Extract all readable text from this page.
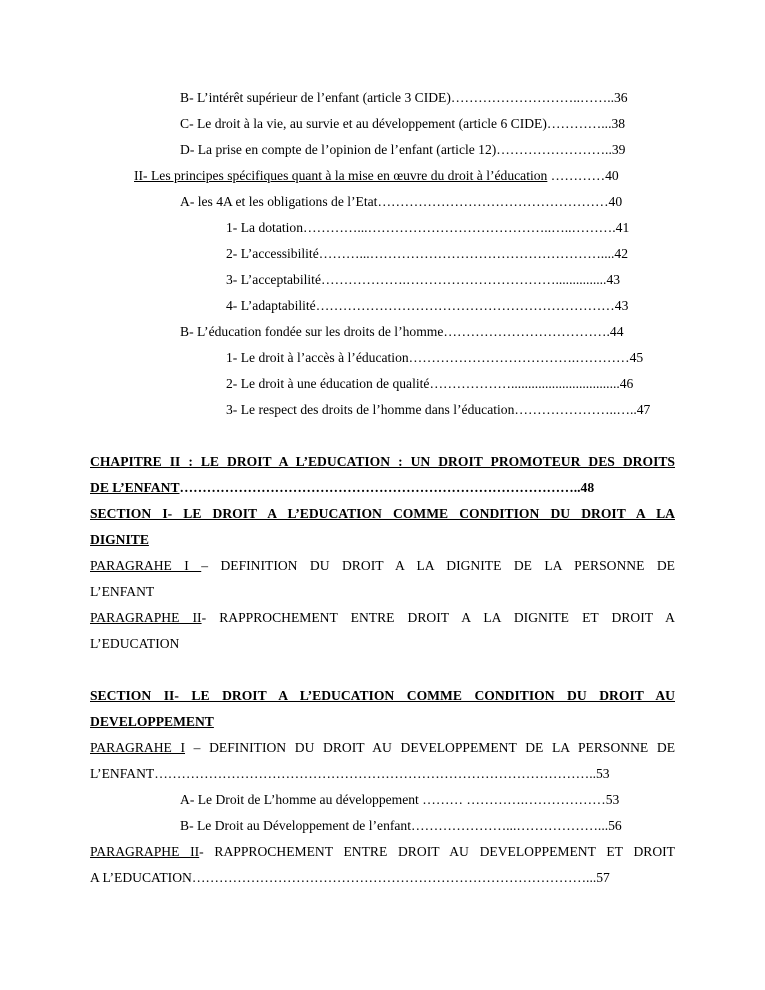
B- L’intérêt supérieur de l’enfant (article 3 CIDE)………………………..……..36
C- Le droit à la vie, au survie et au développement (article 6 CIDE)…………...38
D- La prise en compte de l’opinion de l’enfant (article 12)……………………..39
II- Les principes spécifiques quant à la mise en œuvre du droit à l’éducation …………40
A- les 4A et les obligations de l’Etat……………………………………………40
1- La dotation…………...…………………………………..…..……….41
2- L’accessibilité………...……………………………………………....42
3- L’acceptabilité……………….……………………………...............43
4- L’adaptabilité…………………………………………………………43
B- L’éducation fondée sur les droits de l’homme……………………………….44
1- Le droit à l’accès à l’éducation……………………………….…………45
2- Le droit à une éducation de qualité………………................................46
3- Le respect des droits de l’homme dans l’éducation…………………..…..47
CHAPITRE II : LE DROIT A L’EDUCATION : UN DROIT PROMOTEUR DES DROITS
DE L’ENFANT……………………………………………………………………………..48
SECTION I- LE DROIT A L’EDUCATION COMME CONDITION DU DROIT A LA
DIGNITE
PARAGRAHE I – DEFINITION DU DROIT A LA DIGNITE DE LA PERSONNE DE
L’ENFANT
PARAGRAPHE II- RAPPROCHEMENT ENTRE DROIT A LA DIGNITE ET DROIT A
L’EDUCATION
SECTION II- LE DROIT A L’EDUCATION COMME CONDITION DU DROIT AU
DEVELOPPEMENT
PARAGRAHE I – DEFINITION DU DROIT AU DEVELOPPEMENT DE LA PERSONNE DE
L’ENFANT……………………………………………………………………………………..53
A- Le Droit de L’homme au développement ……… ………….………………53
B- Le Droit au Développement de l’enfant…………………...………………...56
PARAGRAPHE II- RAPPROCHEMENT ENTRE DROIT AU DEVELOPPEMENT ET DROIT
A L’EDUCATION……………………………………………………………………………...57
